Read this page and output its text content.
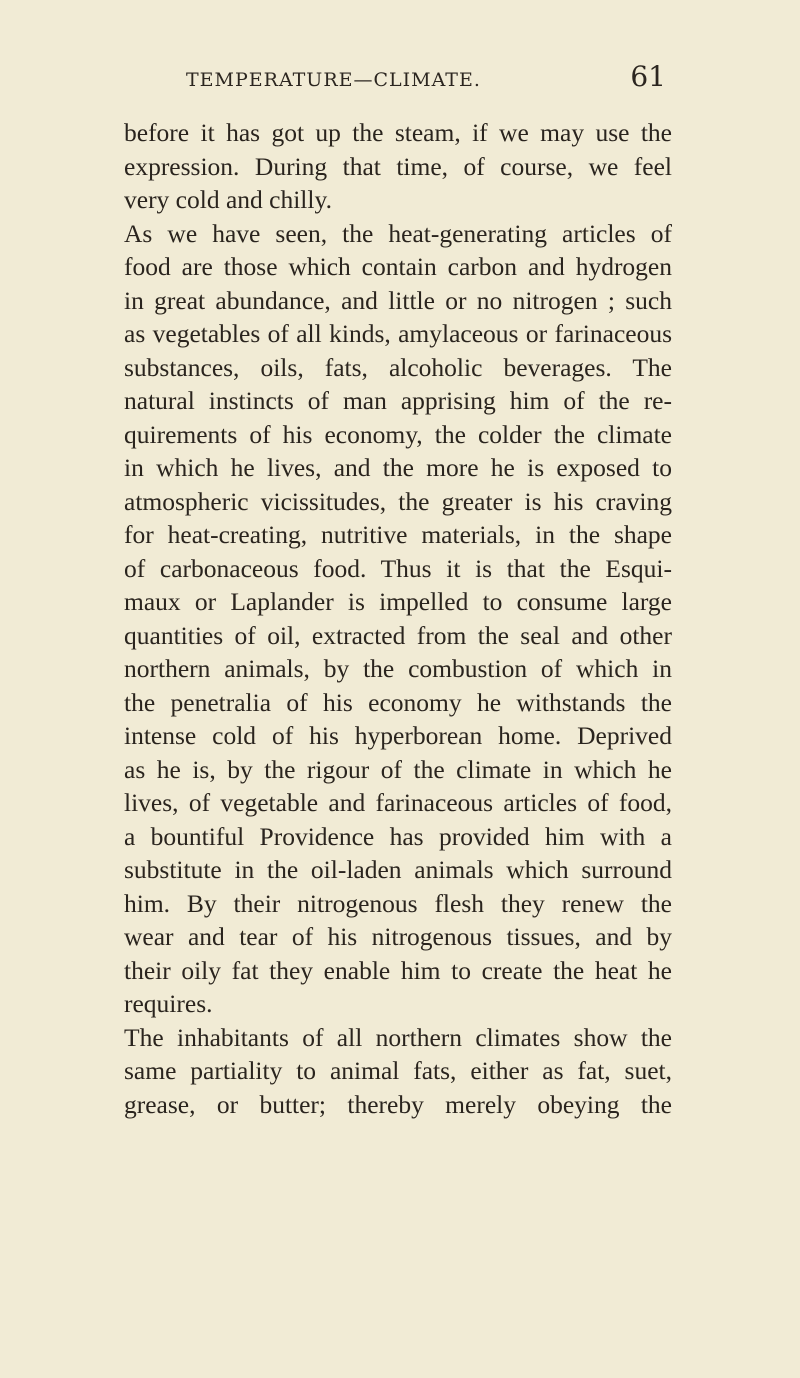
TEMPERATURE—CLIMATE.	61
before it has got up the steam, if we may use the
expression. During that time, of course, we feel
very cold and chilly.
As we have seen, the heat-generating articles of
food are those which contain carbon and hydrogen
in great abundance, and little or no nitrogen ; such
as vegetables of all kinds, amylaceous or farinaceous
substances, oils, fats, alcoholic beverages. The
natural instincts of man apprising him of the re-
quirements of his economy, the colder the climate
in which he lives, and the more he is exposed to
atmospheric vicissitudes, the greater is his craving
for heat-creating, nutritive materials, in the shape
of carbonaceous food. Thus it is that the Esqui-
maux or Laplander is impelled to consume large
quantities of oil, extracted from the seal and other
northern animals, by the combustion of which in
the penetralia of his economy he withstands the
intense cold of his hyperborean home. Deprived
as he is, by the rigour of the climate in which he
lives, of vegetable and farinaceous articles of food,
a bountiful Providence has provided him with a
substitute in the oil-laden animals which surround
him. By their nitrogenous flesh they renew the
wear and tear of his nitrogenous tissues, and by
their oily fat they enable him to create the heat he
requires.
The inhabitants of all northern climates show the
same partiality to animal fats, either as fat, suet,
grease, or butter; thereby merely obeying the
